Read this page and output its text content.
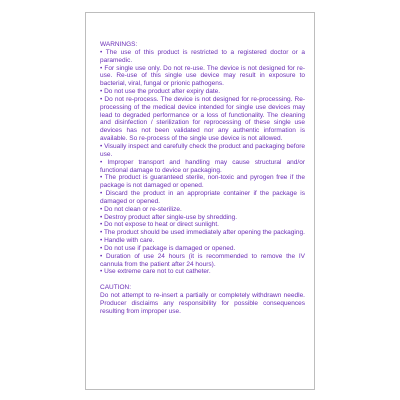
WARNINGS:
• The use of this product is restricted to a registered doctor or a paramedic.
• For single use only. Do not re-use. The device is not designed for re-use. Re-use of this single use device may result in exposure to bacterial, viral, fungal or prionic pathogens.
• Do not use the product after expiry date.
• Do not re-process. The device is not designed for re-processing. Re-processing of the medical device intended for single use devices may lead to degraded performance or a loss of functionality. The cleaning and disinfection / sterilization for reprocessing of these single use devices has not been validated nor any authentic information is available. So re-process of the single use device is not allowed.
• Visually inspect and carefully check the product and packaging before use.
• Improper transport and handling may cause structural and/or functional damage to device or packaging.
• The product is guaranteed sterile, non-toxic and pyrogen free if the package is not damaged or opened.
• Discard the product in an appropriate container if the package is damaged or opened.
• Do not clean or re-sterilize.
• Destroy product after single-use by shredding.
• Do not expose to heat or direct sunlight.
• The product should be used immediately after opening the packaging.
• Handle with care.
• Do not use if package is damaged or opened.
• Duration of use 24 hours (it is recommended to remove the IV cannula from the patient after 24 hours).
• Use extreme care not to cut catheter.
CAUTION:
Do not attempt to re-insert a partially or completely withdrawn needle. Producer disclaims any responsibility for possible consequences resulting from improper use.
